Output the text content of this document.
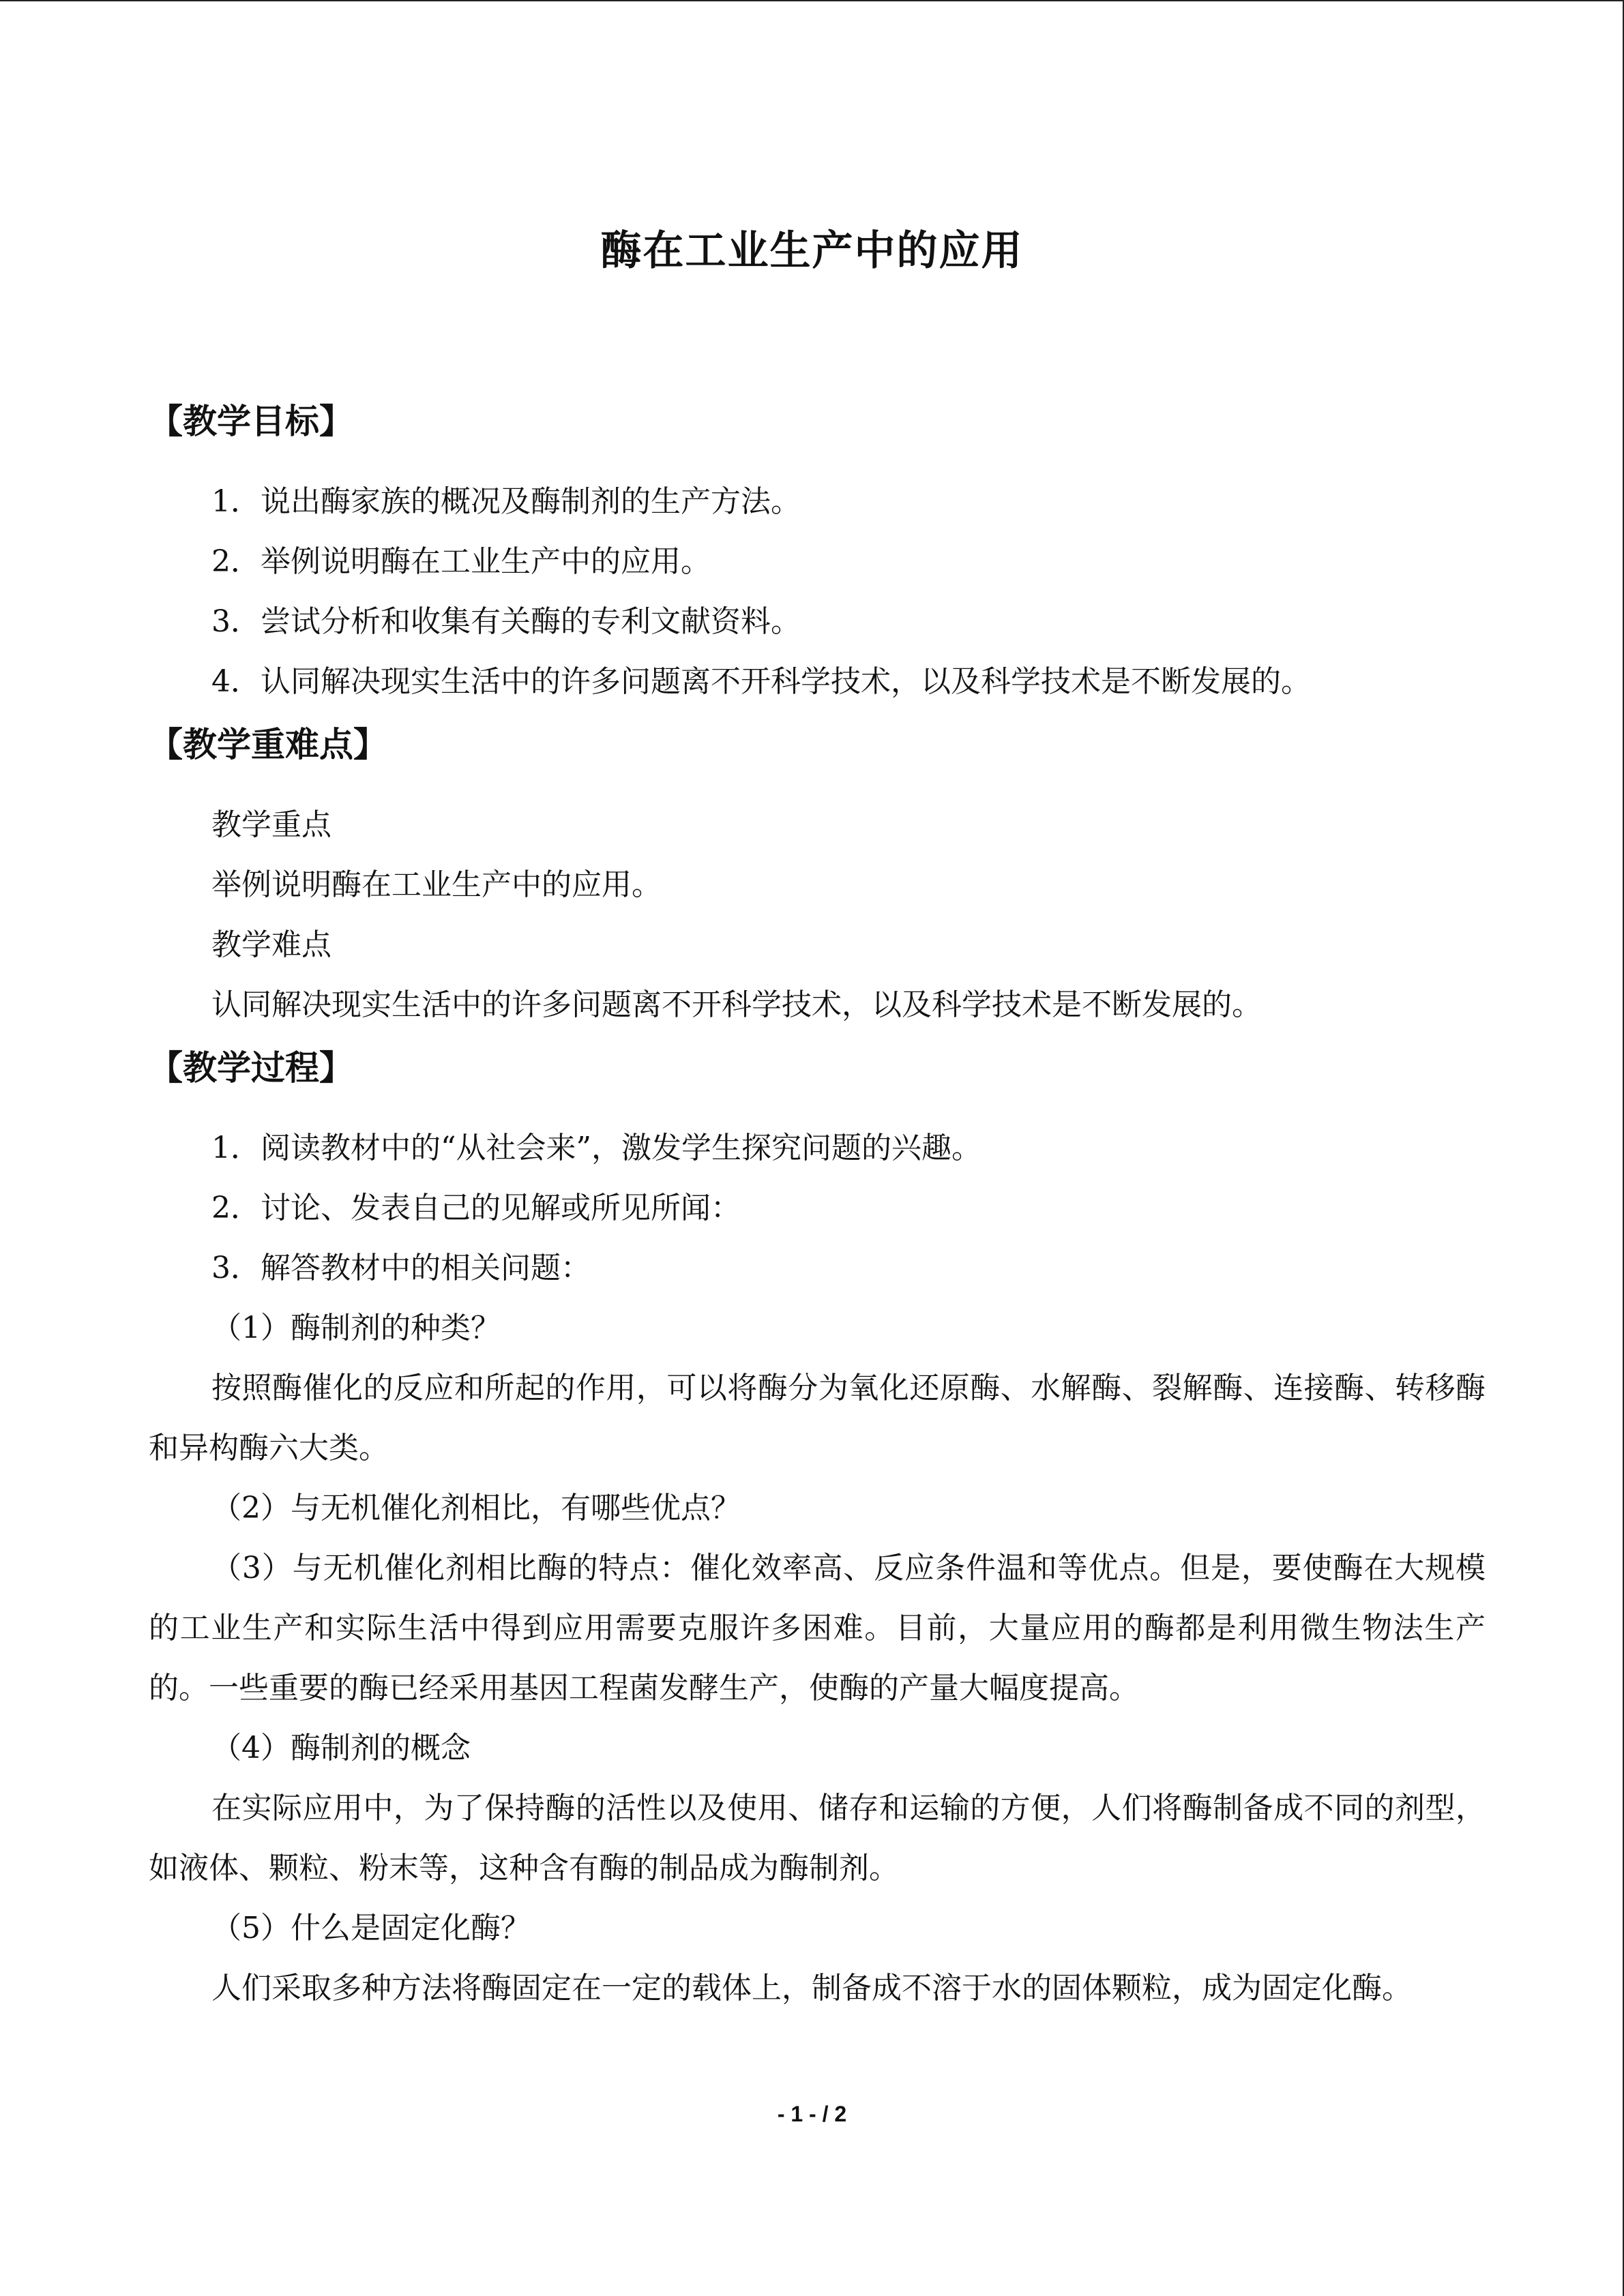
酶在工业生产中的应用
【教学目标】
1．说出酶家族的概况及酶制剂的生产方法。
2．举例说明酶在工业生产中的应用。
3．尝试分析和收集有关酶的专利文献资料。
4．认同解决现实生活中的许多问题离不开科学技术，以及科学技术是不断发展的。
【教学重难点】
教学重点
举例说明酶在工业生产中的应用。
教学难点
认同解决现实生活中的许多问题离不开科学技术，以及科学技术是不断发展的。
【教学过程】
1．阅读教材中的“从社会来”，激发学生探究问题的兴趣。
2．讨论、发表自己的见解或所见所闻：
3．解答教材中的相关问题：
（1）酶制剂的种类？
按照酶催化的反应和所起的作用，可以将酶分为氧化还原酶、水解酶、裂解酶、连接酶、转移酶和异构酶六大类。
（2）与无机催化剂相比，有哪些优点？
（3）与无机催化剂相比酶的特点：催化效率高、反应条件温和等优点。但是，要使酶在大规模的工业生产和实际生活中得到应用需要克服许多困难。目前，大量应用的酶都是利用微生物法生产的。一些重要的酶已经采用基因工程菌发酵生产，使酶的产量大幅度提高。
（4）酶制剂的概念
在实际应用中，为了保持酶的活性以及使用、储存和运输的方便，人们将酶制备成不同的剂型，如液体、颗粒、粉末等，这种含有酶的制品成为酶制剂。
（5）什么是固定化酶？
人们采取多种方法将酶固定在一定的载体上，制备成不溶于水的固体颗粒，成为固定化酶。
- 1 - / 2
